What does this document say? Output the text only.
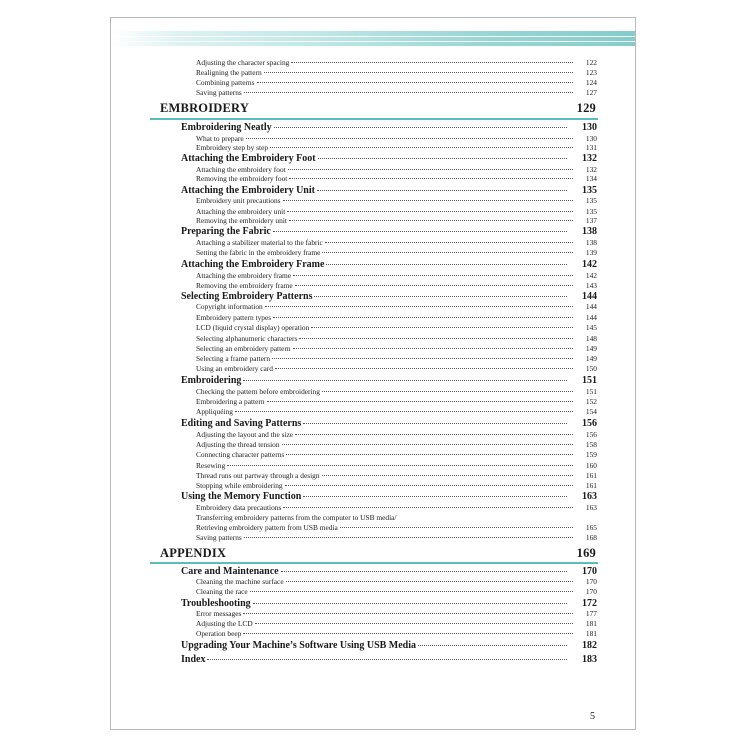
Adjusting the character spacing	122
Realigning the pattern	123
Combining patterns	124
Saving patterns	127
EMBROIDERY	129
Embroidering Neatly	130
What to prepare	130
Embroidery step by step	131
Attaching the Embroidery Foot	132
Attaching the embroidery foot	132
Removing the embroidery foot	134
Attaching the Embroidery Unit	135
Embroidery unit precautions	135
Attaching the embroidery unit	135
Removing the embroidery unit	137
Preparing the Fabric	138
Attaching a stabilizer material to the fabric	138
Setting the fabric in the embroidery frame	139
Attaching the Embroidery Frame	142
Attaching the embroidery frame	142
Removing the embroidery frame	143
Selecting Embroidery Patterns	144
Copyright information	144
Embroidery pattern types	144
LCD (liquid crystal display) operation	145
Selecting alphanumeric characters	148
Selecting an embroidery pattern	149
Selecting a frame pattern	149
Using an embroidery card	150
Embroidering	151
Checking the pattern before embroidering	151
Embroidering a pattern	152
Appliquéing	154
Editing and Saving Patterns	156
Adjusting the layout and the size	156
Adjusting the thread tension	158
Connecting character patterns	159
Resewing	160
Thread runs out partway through a design	161
Stopping while embroidering	161
Using the Memory Function	163
Embroidery data precautions	163
Transferring embroidery patterns from the computer to USB media/
Retrieving embroidery pattern from USB media	165
Saving patterns	168
APPENDIX	169
Care and Maintenance	170
Cleaning the machine surface	170
Cleaning the race	170
Troubleshooting	172
Error messages	177
Adjusting the LCD	181
Operation beep	181
Upgrading Your Machine’s Software Using USB Media	182
Index	183
5
